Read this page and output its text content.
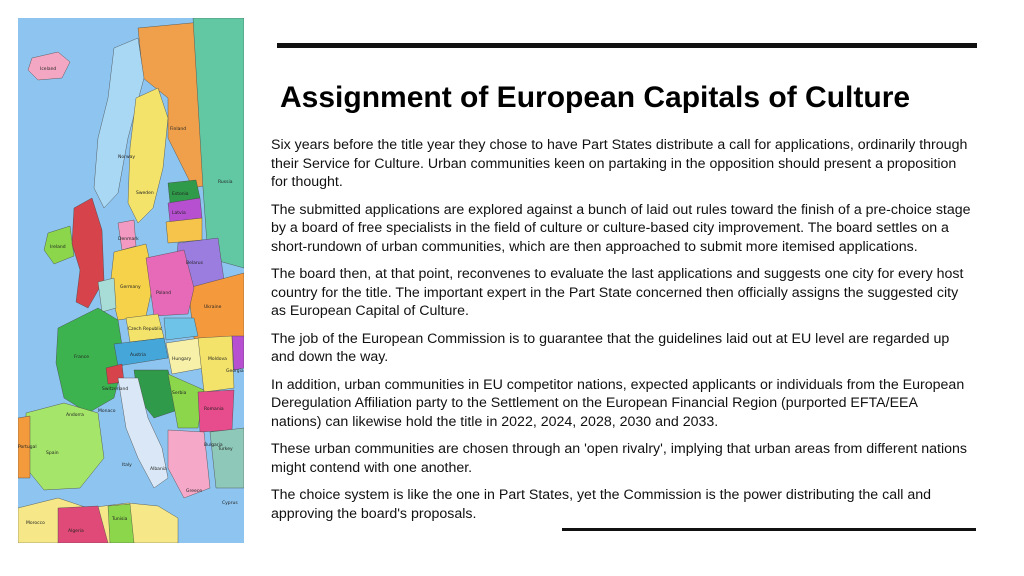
Iceland
Finland
Norway
Russia
Sweden	Estonia
Latvia
Ireland
Denmark
Belarus
Germany
Poland
Ukraine
Czech Republic
France	Austria
Hungary	Moldova
Switzerland
Serbia
Romania
Andorra
Monaco
Bulgaria
Portugal
Spain
Italy
Turkey
Albania
Greece
Morocco
Tunisia
Algeria
Cyprus
Georgia
Assignment of European Capitals of Culture

Six years before the title year they chose to have Part States distribute a call for applications, ordinarily through their Service for Culture. Urban communities keen on partaking in the opposition should present a proposition for thought.

The submitted applications are explored against a bunch of laid out rules toward the finish of a pre-choice stage by a board of free specialists in the field of culture or culture-based city improvement. The board settles on a short-rundown of urban communities, which are then approached to submit more itemised applications.

The board then, at that point, reconvenes to evaluate the last applications and suggests one city for every host country for the title. The important expert in the Part State concerned then officially assigns the suggested city as European Capital of Culture.

The job of the European Commission is to guarantee that the guidelines laid out at EU level are regarded up and down the way.

In addition, urban communities in EU competitor nations, expected applicants or individuals from the European Deregulation Affiliation party to the Settlement on the European Financial Region (purported EFTA/EEA nations) can likewise hold the title in 2022, 2024, 2028, 2030 and 2033.

These urban communities are chosen through an 'open rivalry', implying that urban areas from different nations might contend with one another.

The choice system is like the one in Part States, yet the Commission is the power distributing the call and approving the board's proposals.
